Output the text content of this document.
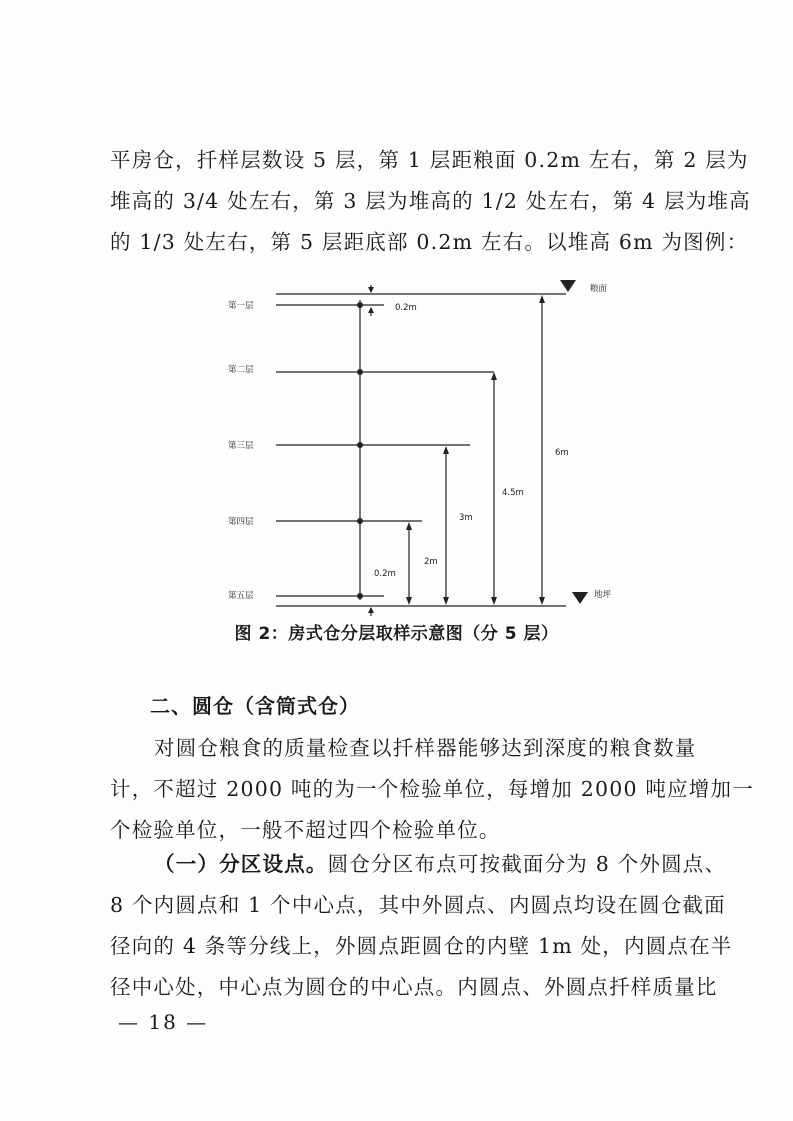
平房仓，扦样层数设 5 层，第 1 层距粮面 0.2m 左右，第 2 层为
堆高的 3/4 处左右，第 3 层为堆高的 1/2 处左右，第 4 层为堆高
的 1/3 处左右，第 5 层距底部 0.2m 左右。以堆高 6m 为图例：

第一层
第二层
第三层
第四层
第五层
粮面
地坪
0.2m
0.2m
2m
3m
4.5m
6m

图 2：房式仓分层取样示意图（分 5 层）

二、圆仓（含筒式仓）

对圆仓粮食的质量检查以扦样器能够达到深度的粮食数量
计，不超过 2000 吨的为一个检验单位，每增加 2000 吨应增加一
个检验单位，一般不超过四个检验单位。

（一）分区设点。圆仓分区布点可按截面分为 8 个外圆点、
8 个内圆点和 1 个中心点，其中外圆点、内圆点均设在圆仓截面
径向的 4 条等分线上，外圆点距圆仓的内壁 1m 处，内圆点在半
径中心处，中心点为圆仓的中心点。内圆点、外圆点扦样质量比

— 18 —
